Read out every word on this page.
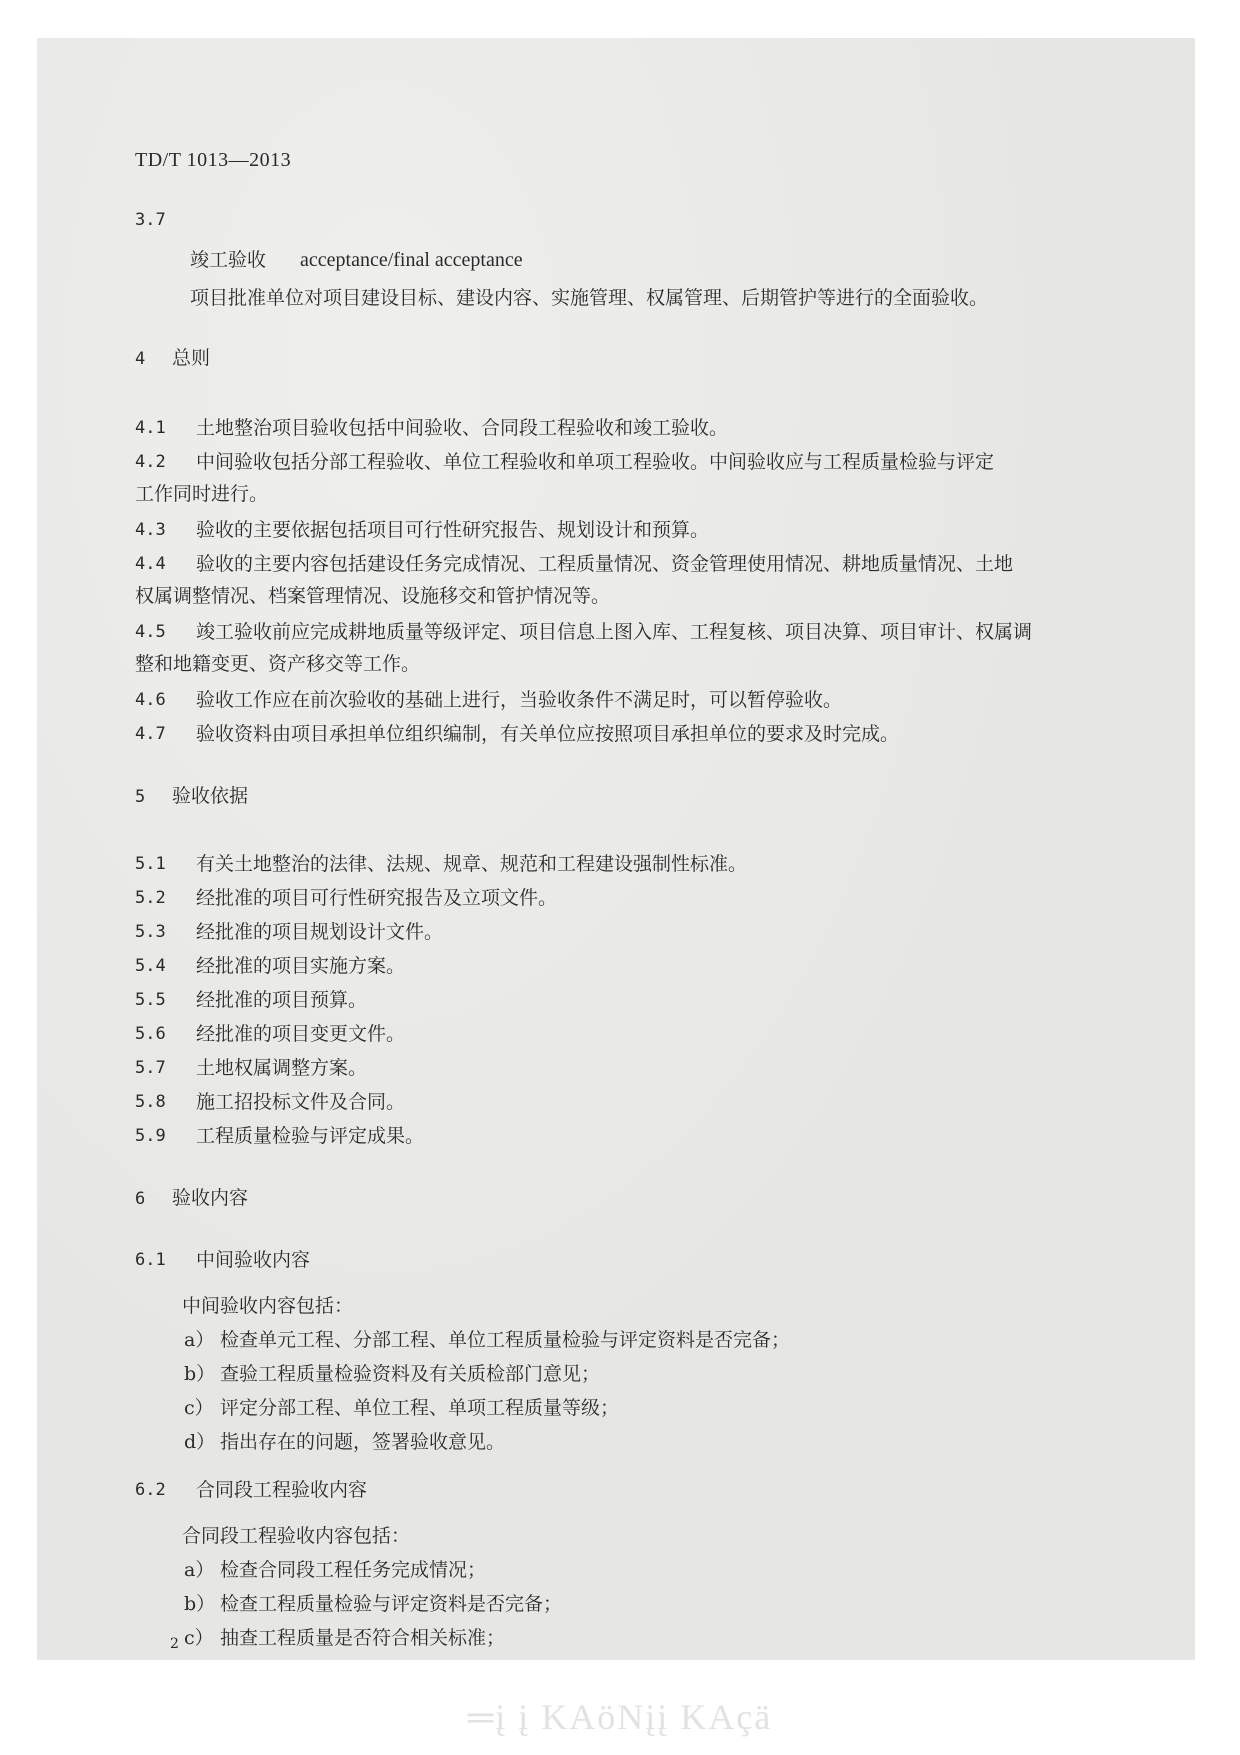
TD/T 1013—2013
3.7
竣工验收 acceptance/final acceptance
项目批准单位对项目建设目标、建设内容、实施管理、权属管理、后期管护等进行的全面验收。
4 总则
4.1 土地整治项目验收包括中间验收、合同段工程验收和竣工验收。
4.2 中间验收包括分部工程验收、单位工程验收和单项工程验收。中间验收应与工程质量检验与评定
工作同时进行。
4.3 验收的主要依据包括项目可行性研究报告、规划设计和预算。
4.4 验收的主要内容包括建设任务完成情况、工程质量情况、资金管理使用情况、耕地质量情况、土地
权属调整情况、档案管理情况、设施移交和管护情况等。
4.5 竣工验收前应完成耕地质量等级评定、项目信息上图入库、工程复核、项目决算、项目审计、权属调
整和地籍变更、资产移交等工作。
4.6 验收工作应在前次验收的基础上进行，当验收条件不满足时，可以暂停验收。
4.7 验收资料由项目承担单位组织编制，有关单位应按照项目承担单位的要求及时完成。
5 验收依据
5.1 有关土地整治的法律、法规、规章、规范和工程建设强制性标准。
5.2 经批准的项目可行性研究报告及立项文件。
5.3 经批准的项目规划设计文件。
5.4 经批准的项目实施方案。
5.5 经批准的项目预算。
5.6 经批准的项目变更文件。
5.7 土地权属调整方案。
5.8 施工招投标文件及合同。
5.9 工程质量检验与评定成果。
6 验收内容
6.1 中间验收内容
中间验收内容包括：
a） 检查单元工程、分部工程、单位工程质量检验与评定资料是否完备；
b） 查验工程质量检验资料及有关质检部门意见；
c） 评定分部工程、单位工程、单项工程质量等级；
d） 指出存在的问题，签署验收意见。
6.2 合同段工程验收内容
合同段工程验收内容包括：
a） 检查合同段工程任务完成情况；
b） 检查工程质量检验与评定资料是否完备；
c） 抽查工程质量是否符合相关标准；
2
═į į KAöNįį KAçä
